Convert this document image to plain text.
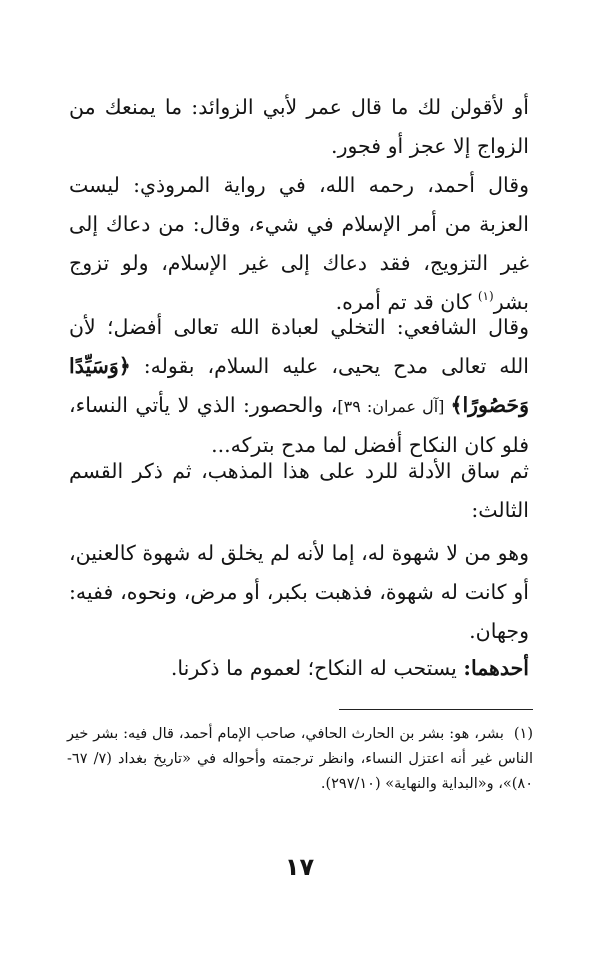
أو لأقولن لك ما قال عمر لأبي الزوائد: ما يمنعك من الزواج إلا عجز أو فجور.

وقال أحمد، رحمه الله، في رواية المروذي: ليست العزبة من أمر الإسلام في شيء، وقال: من دعاك إلى غير التزويج، فقد دعاك إلى غير الإسلام، ولو تزوج بشر$^{(١)}$ كان قد تم أمره.

وقال الشافعي: التخلي لعبادة الله تعالى أفضل؛ لأن الله تعالى مدح يحيى، عليه السلام، بقوله: ﴿وَسَيِّدًا وَحَصُورًا﴾ [آل عمران: ٣٩]، والحصور: الذي لا يأتي النساء، فلو كان النكاح أفضل لما مدح بتركه...

ثم ساق الأدلة للرد على هذا المذهب، ثم ذكر القسم الثالث:

وهو من لا شهوة له، إما لأنه لم يخلق له شهوة كالعنين، أو كانت له شهوة، فذهبت بكبر، أو مرض، ونحوه، ففيه: وجهان.

أحدهما: يستحب له النكاح؛ لعموم ما ذكرنا.

(١)بشر، هو: بشر بن الحارث الحافي، صاحب الإمام أحمد، قال فيه: بشر خير الناس غير أنه اعتزل النساء، وانظر ترجمته وأحواله في «تاريخ بغداد (٧/ ٦٧- ٨٠)»، و«البداية والنهاية» (٢٩٧/١٠).

١٧
